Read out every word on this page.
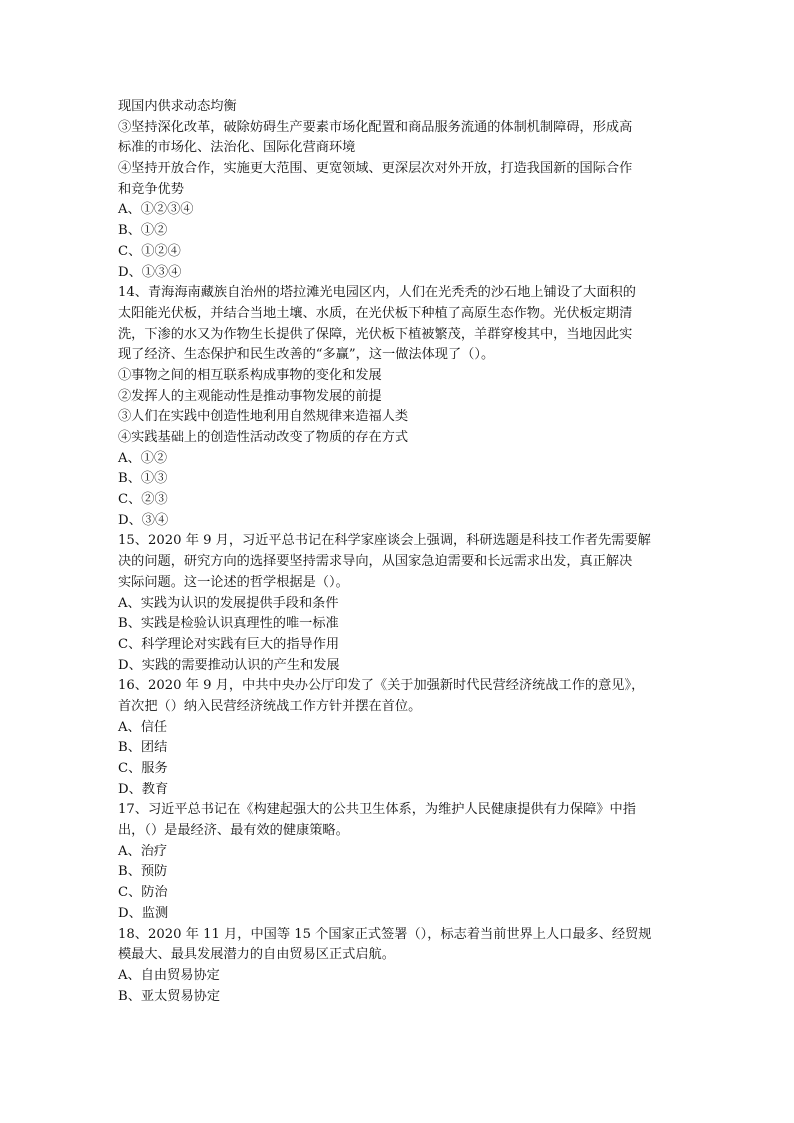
现国内供求动态均衡
③坚持深化改革，破除妨碍生产要素市场化配置和商品服务流通的体制机制障碍，形成高
标准的市场化、法治化、国际化营商环境
④坚持开放合作，实施更大范围、更宽领域、更深层次对外开放，打造我国新的国际合作
和竞争优势
A、①②③④
B、①②
C、①②④
D、①③④
14、青海海南藏族自治州的塔拉滩光电园区内，人们在光秃秃的沙石地上铺设了大面积的
太阳能光伏板，并结合当地土壤、水质，在光伏板下种植了高原生态作物。光伏板定期清
洗，下渗的水又为作物生长提供了保障，光伏板下植被繁茂，羊群穿梭其中，当地因此实
现了经济、生态保护和民生改善的“多赢”，这一做法体现了（）。
①事物之间的相互联系构成事物的变化和发展
②发挥人的主观能动性是推动事物发展的前提
③人们在实践中创造性地利用自然规律来造福人类
④实践基础上的创造性活动改变了物质的存在方式
A、①②
B、①③
C、②③
D、③④
15、2020 年 9 月，习近平总书记在科学家座谈会上强调，科研选题是科技工作者先需要解
决的问题，研究方向的选择要坚持需求导向，从国家急迫需要和长远需求出发，真正解决
实际问题。这一论述的哲学根据是（）。
A、实践为认识的发展提供手段和条件
B、实践是检验认识真理性的唯一标准
C、科学理论对实践有巨大的指导作用
D、实践的需要推动认识的产生和发展
16、2020 年 9 月，中共中央办公厅印发了《关于加强新时代民营经济统战工作的意见》，
首次把（）纳入民营经济统战工作方针并摆在首位。
A、信任
B、团结
C、服务
D、教育
17、习近平总书记在《构建起强大的公共卫生体系，为维护人民健康提供有力保障》中指
出，（）是最经济、最有效的健康策略。
A、治疗
B、预防
C、防治
D、监测
18、2020 年 11 月，中国等 15 个国家正式签署（），标志着当前世界上人口最多、经贸规
模最大、最具发展潜力的自由贸易区正式启航。
A、自由贸易协定
B、亚太贸易协定
